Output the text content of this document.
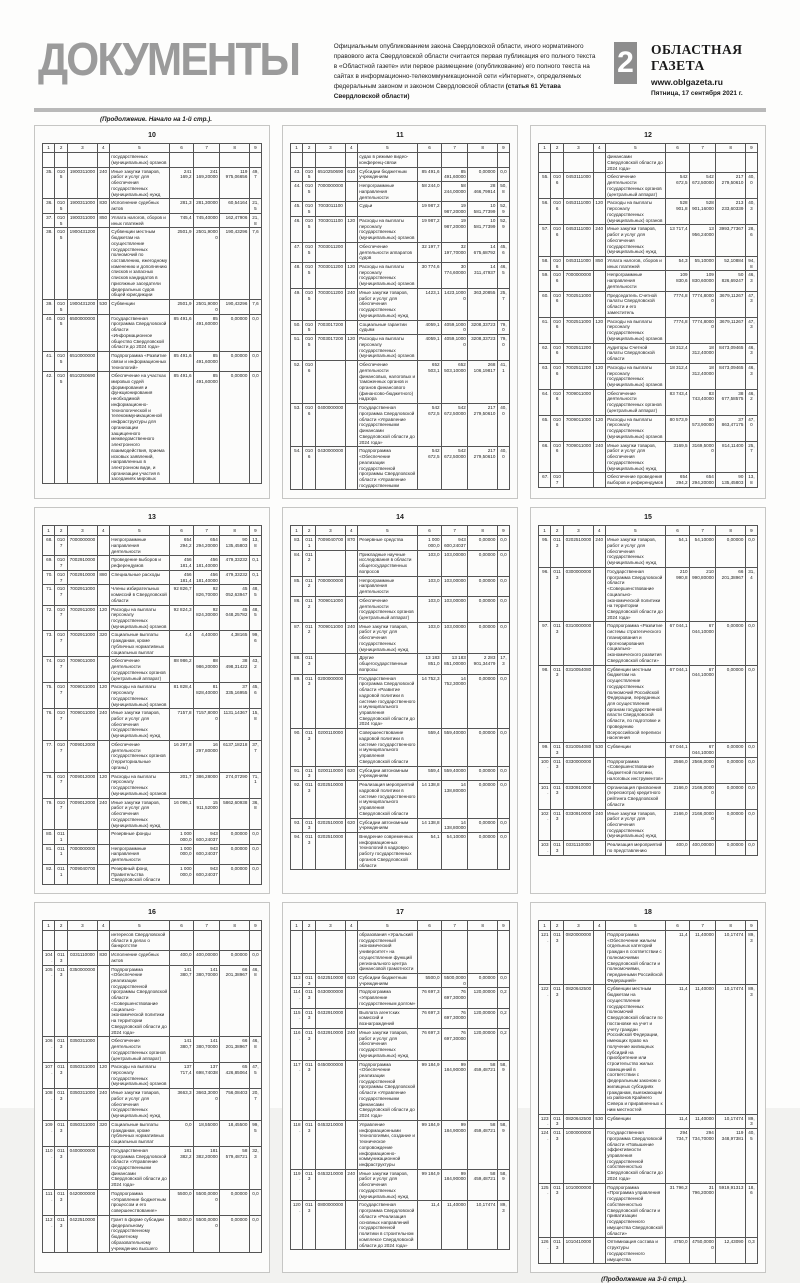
ДОКУМЕНТЫ	Официальным опубликованием закона Свердловской области, иного нормативного правового акта Свердловской области считается первая публикация его полного текста в «Областной газете» или первое размещение (опубликование) его полного текста на сайтах в информационно-телекоммуникационной сети «Интернет», определяемых федеральным законом и законом Свердловской области (статья 61 Устава Свердловской области)
2 ОБЛАСТНАЯ ГАЗЕТА
www.oblgazeta.ru
Пятница, 17 сентября 2021 г.
(Продолжение. Начало на 1-й стр.).
10
1	2	3	4	5	6	7	8	9
				государственных (муниципальных) органов				
35.	0105	1900311000	240	Иные закупки товаров, работ и услуг для обеспечения государственных (муниципальных) нужд	241 169,2	241 169,20000	119 975,06656	49,7
36.	0105	1900311000	830	Исполнение судебных актов	281,3	281,30000	60,54164	21,5
37.	0105	1900311000	850	Уплата налогов, сборов и иных платежей	745,4	745,40000	162,47906	21,8
38.	0105	1900431200		Субвенции местным бюджетам на осуществление государственных полномочий по составлению, ежегодному изменению и дополнению списков и запасных списков кандидатов в присяжные заседатели федеральных судов общей юрисдикции	2501,9	2501,90000	190,43296	7,6
39.	0105	1900431200	530	Субвенции	2501,9	2501,90000	190,43296	7,6
40.	0105	6500000000		Государственная программа Свердловской области «Информационное общество Свердловской области до 2024 года»	85 491,6	85 491,60000	0,00000	0,0
41.	0105	6510000000		Подпрограмма «Развитие связи и информационных технологий»	85 491,6	85 491,60000	0,00000	0,0
42.	0105	6510250690		Обеспечение на участках мировых судей формирования и функционирования необходимой информационно-технологической и телекоммуникационной инфраструктуры для организации защищенного межведомственного электронного взаимодействия, приема исковых заявлений, направленных в электронном виде, и организации участия в заседаниях мировых	85 491,6	85 491,60000	0,00000	0,0
11
1	2	3	4	5	6	7	8	9
				судах в режиме видео-конференц-связи				
43.	0105	6510250690	610	Субсидии бюджетным учреждениям	85 491,6	85 491,60000	0,00000	0,0
44.	0105	7000000000		Непрограммные направления деятельности	58 244,0	58 244,00000	28 466,79914	50,8
45.	0105	7003011100		Судьи	19 987,2	19 987,20000	10 581,77399	52,9
46.	0105	7003011100	120	Расходы на выплаты персоналу государственных (муниципальных) органов	19 987,2	19 987,20000	10 581,77399	52,9
47.	0105	7003011200		Обеспечение деятельности аппаратов судов	32 197,7	32 197,70000	14 675,68792	45,6
48.	0105	7003011200	120	Расходы на выплаты персоналу государственных (муниципальных) органов	30 774,6	30 774,60000	14 311,47937	46,5
49.	0105	7003011200	240	Иные закупки товаров, работ и услуг для обеспечения государственных (муниципальных) нужд	1423,1	1423,10000	363,20855	25,7
50.	0105	7003017200		Социальные гарантии судьям	4059,1	4059,10000	3208,33723	79,0
51.	0105	7003017200	120	Расходы на выплаты персоналу государственных (муниципальных) органов	4059,1	4059,10000	3208,33723	79,0
52.	0106			Обеспечение деятельности финансовых, налоговых и таможенных органов и органов финансового (финансово-бюджетного) надзора	652 503,1	652 503,10000	268 106,19817	41,1
53.	0106	0400000000		Государственная программа Свердловской области «Управление государственными финансами Свердловской области до 2024 года»	542 672,5	542 672,50000	217 279,50610	40,0
54.	0106	0430000000		Подпрограмма «Обеспечение реализации государственной программы Свердловской области «Управление государственными	542 672,5	542 672,50000	217 279,50610	40,0
12
1	2	3	4	5	6	7	8	9
				финансами Свердловской области до 2024 года»				
55.	0106	0453111000		Обеспечение деятельности государственных органов (центральный аппарат)	542 672,5	542 672,50000	217 279,50610	40,0
56.	0106	0453111000	120	Расходы на выплаты персоналу государственных (муниципальных) органов	528 901,8	528 901,16000	213 233,60339	40,3
57.	0106	0453111000	240	Иные закупки товаров, работ и услуг для обеспечения государственных (муниципальных) нужд	13 717,4	13 956,24000	3993,77367	28,6
58.	0106	0453111000	850	Уплата налогов, сборов и иных платежей	54,3	55,10000	52,10884	94,8
59.	0106	7000000000		Непрограммные направления деятельности	109 830,6	109 830,60000	50 826,69247	46,3
60.	0106	7002511000		Председатель Счетной палаты Свердловской области и его заместитель	7774,8	7774,80000	3679,11267	47,3
61.	0106	7002511000	120	Расходы на выплаты персоналу государственных (муниципальных) органов	7774,8	7774,80000	3679,11267	47,3
62.	0106	7002511200		Аудиторы Счетной палаты Свердловской области	18 312,4	18 312,40000	8473,09465	46,3
63.	0106	7002511200	120	Расходы на выплаты персоналу государственных (муниципальных) органов	18 312,4	18 312,40000	8473,09465	46,3
64.	0106	7009011000		Обеспечение деятельности государственных органов (центральный аппарат)	83 743,4	83 743,40000	38 677,58575	46,2
65.	0106	7009011000	120	Расходы на выплаты персоналу государственных (муниципальных) органов	80 573,9	80 573,90000	37 863,47175	47,0
66.	0106	7009011000	240	Иные закупки товаров, работ и услуг для обеспечения государственных (муниципальных) нужд	3169,5	3169,50000	814,11400	25,7
67.	0107			Обеспечение проведения выборов и референдумов	654 294,2	654 294,20000	90 135,45803	13,8
13
1	2	3	4	5	6	7	8	9
68.	0107	7000000000		Непрограммные направления деятельности	654 294,2	654 294,20000	90 135,45803	13,8
69.	0107	7002910000		Проведение выборов и референдумов	456 181,4	456 181,40000	479,33232	0,1
70.	0107	7002910000	880	Специальные расходы	456 181,4	456 181,40000	479,33232	0,1
71.	0107	7002911000		Члены избирательных комиссий в Свердловской области	92 826,7	92 826,70000	45 052,63947	48,5
72.	0107	7002911000	120	Расходы на выплаты персоналу государственных (муниципальных) органов	92 824,3	92 824,30000	45 048,25782	48,5
73.	0107	7002911000	320	Социальные выплаты гражданам, кроме публичных нормативных социальных выплат	4,4	4,40000	4,38165	99,6
74.	0107	7009011000		Обеспечение деятельности государственных органов (центральный аппарат)	88 986,2	88 986,20000	38 498,31422	43,2
75.	0107	7009011000	120	Расходы на выплаты персоналу государственных (муниципальных) органов	81 828,4	81 828,40000	37 335,16955	45,6
76.	0107	7009011000	240	Иные закупки товаров, работ и услуг для обеспечения государственных (муниципальных) нужд	7157,8	7157,80000	1131,14367	15,8
77.	0107	7009012000		Обеспечение деятельности государственных органов (территориальные органы)	16 297,8	16 297,80000	6137,18218	37,7
78.	0107	7009012000	120	Расходы на выплаты персоналу государственных (муниципальных) органов	201,7	386,28000	274,07290	71,1
79.	0107	7009012000	240	Иные закупки товаров, работ и услуг для обеспечения государственных (муниципальных) нужд	16 096,1	15 911,52000	5862,60938	36,8
80.	0111			Резервные фонды	1 000 000,0	943 600,24037	0,00000	0,0
81.	0111	7000000000		Непрограммные направления деятельности	1 000 000,0	943 600,24037	0,00000	0,0
82.	0111	7009040700		Резервный фонд Правительства Свердловской области	1 000 000,0	943 600,24037	0,00000	0,0
14
1	2	3	4	5	6	7	8	9
83.	0111	7009040700	870	Резервные средства	1 000 000,0	943 600,24037	0,00000	0,0
84.	0112			Прикладные научные исследования в области общегосударственных вопросов	103,0	103,00000	0,00000	0,0
85.	0112	7000000000		Непрограммные направления деятельности	103,0	103,00000	0,00000	0,0
86.	0112	7009011000		Обеспечение деятельности государственных органов (центральный аппарат)	103,0	103,00000	0,00000	0,0
87.	0112	7009011000	240	Иные закупки товаров, работ и услуг для обеспечения государственных (муниципальных) нужд	103,0	103,00000	0,00000	0,0
88.	0113			Другие общегосударственные вопросы	13 183 851,0	13 183 851,00000	2 283 901,34479	17,3
89.	0113	0200000000		Государственная программа Свердловской области «Развитие кадровой политики в системе государственного и муниципального управления Свердловской области до 2024 года»	14 752,3	14 752,30000	0,00000	0,0
90.	0113	0200110000		Совершенствование кадровой политики в системе государственного и муниципального управления Свердловской области	559,4	559,40000	0,00000	0,0
91.	0113	0200110000	620	Субсидии автономным учреждениям	559,4	559,40000	0,00000	0,0
92.	0113	0202510000		Реализация мероприятий кадровой политики в системе государственного и муниципального управления Свердловской области	14 138,8	14 138,80000	0,00000	0,0
93.	0113	0202510000	620	Субсидии автономным учреждениям	14 138,8	14 138,80000	0,00000	0,0
94.	0113	0202510000		Внедрение современных информационных технологий в кадровую работу государственных органов Свердловской области	54,1	54,10000	0,00000	0,0
15
1	2	3	4	5	6	7	8	9
95.	0113	0202510000	240	Иные закупки товаров, работ и услуг для обеспечения государственных (муниципальных) нужд	54,1	54,10000	0,00000	0,0
96.	0113	0300000000		Государственная программа Свердловской области «Совершенствование социально-экономической политики на территории Свердловской области до 2024 года»	210 990,8	210 990,80000	66 201,38967	31,4
97.	0113	0310000000		Подпрограмма «Развитие системы стратегического планирования и прогнозирования социально-экономического развития Свердловской области»	67 044,1	67 044,10000	0,00000	0,0
98.	0113	0310054080		Субвенции местным бюджетам на осуществление государственных полномочий Российской Федерации, переданных для осуществления органам государственной власти Свердловской области, по подготовке и проведению Всероссийской переписи населения	67 044,1	67 044,10000	0,00000	0,0
99.	0113	0310054080	530	Субвенции	67 044,1	67 044,10000	0,00000	0,0
100.	0113	0330000000		Подпрограмма «Совершенствование бюджетной политики, налоговых инструментов»	2566,0	2566,00000	0,00000	0,0
101.	0113	0330910000		Организация присвоения (пересмотра) кредитного рейтинга Свердловской области	2166,0	2166,00000	0,00000	0,0
102.	0113	0330910000	240	Иные закупки товаров, работ и услуг для обеспечения государственных (муниципальных) нужд	2166,0	2166,00000	0,00000	0,0
103.	0113	0331110000		Реализация мероприятий по представлению	400,0	400,00000	0,00000	0,0
16
1	2	3	4	5	6	7	8	9
				интересов Свердловской области в делах о банкротстве				
104.	0113	0331110000	830	Исполнение судебных актов	400,0	400,00000	0,00000	0,0
105.	0113	0350000000		Подпрограмма «Обеспечение реализации государственной программы Свердловской области «Совершенствование социально-экономической политики на территории Свердловской области до 2024 года»	141 380,7	141 380,70000	66 201,38967	46,8
106.	0113	0350311000		Обеспечение деятельности государственных органов (центральный аппарат)	141 380,7	141 380,70000	66 201,38967	46,8
107.	0113	0350311000	120	Расходы на выплаты персоналу государственных (муниципальных) органов	137 717,4	137 698,74038	65 426,85064	47,5
108.	0113	0350311000	240	Иные закупки товаров, работ и услуг для обеспечения государственных (муниципальных) нужд	3663,3	3663,30000	756,08403	20,7
109.	0113	0350311000	320	Социальные выплаты гражданам, кроме публичных нормативных социальных выплат	0,0	18,55000	18,45500	99,5
110.	0113	0400000000		Государственная программа Свердловской области «Управление государственными финансами Свердловской области до 2024 года»	181 382,2	181 382,20000	58 579,48721	32,3
111.	0113	0420000000		Подпрограмма «Управление бюджетным процессом и его совершенствование»	5500,0	5500,00000	0,00000	0,0
112.	0113	0422510000		Грант в форме субсидии федеральному государственному бюджетному образовательному учреждению высшего	5500,0	5500,00000	0,00000	0,0
17
1	2	3	4	5	6	7	8	9
				образования «Уральский государственный экономический университет» на осуществление функций регионального центра финансовой грамотности				
113.	0113	0422510000	610	Субсидии бюджетным учреждениям	5500,0	5500,00000	0,00000	0,0
114.	0113	0430000000		Подпрограмма «Управление государственным долгом»	76 697,3	76 697,30000	120,00000	0,2
115.	0113	0432910000		Выплата агентских комиссий и вознаграждений	76 697,3	76 697,30000	120,00000	0,2
116.	0113	0432910000	240	Иные закупки товаров, работ и услуг для обеспечения государственных (муниципальных) нужд	76 697,3	76 697,30000	120,00000	0,2
117.	0113	0450000000		Подпрограмма «Обеспечение реализации государственной программы Свердловской области «Управление государственными финансами Свердловской области до 2024 года»	99 184,9	99 184,90000	58 459,48721	58,9
118.	0113	0453210000		Управление информационными технологиями, создание и техническое сопровождение информационно-коммуникационной инфраструктуры	99 184,9	99 184,90000	58 459,48721	58,9
119.	0113	0453210000	240	Иные закупки товаров, работ и услуг для обеспечения государственных (муниципальных) нужд	99 184,9	99 184,90000	58 459,48721	58,9
120.	0113	0800000000		Государственная программа Свердловской области «Реализация основных направлений государственной политики в строительном комплексе Свердловской области до 2024 года»	11,4	11,40000	10,17474	89,3
18
1	2	3	4	5	6	7	8	9
121.	0113	0820000000		Подпрограмма «Обеспечение жильем отдельных категорий граждан в соответствии с полномочиями Свердловской области и полномочиями, переданными Российской Федерацией»	11,4	11,40000	10,17474	89,3
122.	0113	0820642500		Субвенции местным бюджетам на осуществление государственных полномочий Свердловской области по постановке на учет и учету граждан Российской Федерации, имеющих право на получение жилищных субсидий на приобретение или строительство жилых помещений в соответствии с федеральным законом о жилищных субсидиях гражданам, выезжающим из районов Крайнего Севера и приравненных к ним местностей	11,4	11,40000	10,17474	89,3
123.	0113	0820642500	530	Субвенции	11,4	11,40000	10,17474	89,3
124.	0113	1000000000		Государственная программа Свердловской области «Повышение эффективности управления государственной собственностью Свердловской области до 2024 года»	294 734,7	294 734,70000	119 348,97381	40,5
125.	0113	1010000000		Подпрограмма «Программа управления государственной собственностью Свердловской области и приватизации государственного имущества Свердловской области»	31 796,2	31 796,20000	5919,91313	18,6
126.	0113	1010410000		Оптимизация состава и структуры государственного имущества	4750,0	4750,00000	12,43090	0,3
(Продолжение на 3-й стр.).
